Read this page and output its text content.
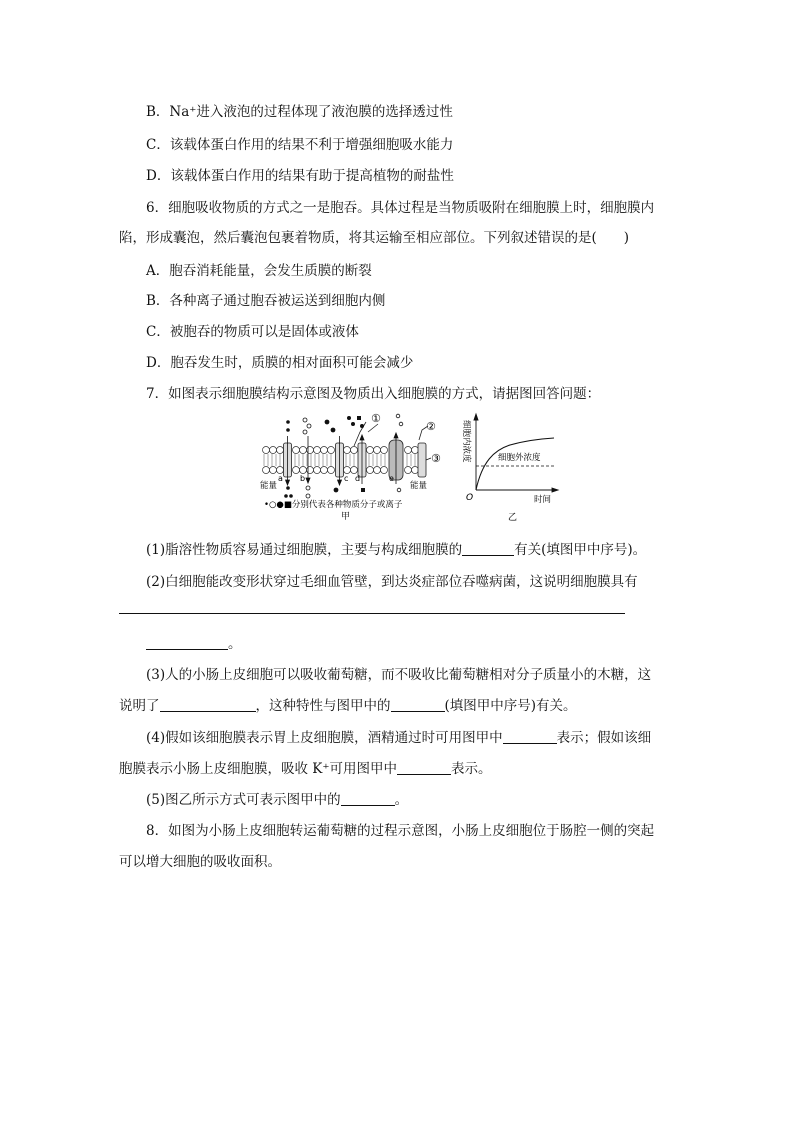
B．Na⁺进入液泡的过程体现了液泡膜的选择透过性
C．该载体蛋白作用的结果不利于增强细胞吸水能力
D．该载体蛋白作用的结果有助于提高植物的耐盐性
6．细胞吸收物质的方式之一是胞吞。具体过程是当物质吸附在细胞膜上时，细胞膜内
陷，形成囊泡，然后囊泡包裹着物质，将其运输至相应部位。下列叙述错误的是(　　)
A．胞吞消耗能量，会发生质膜的断裂
B．各种离子通过胞吞被运送到细胞内侧
C．被胞吞的物质可以是固体或液体
D．胞吞发生时，质膜的相对面积可能会减少
7．如图表示细胞膜结构示意图及物质出入细胞膜的方式，请据图回答问题：
①
②
③
a b	c d	e
能量	能量
•○●■分别代表各种物质分子或离子
甲
细胞内浓度	细胞外浓度
时间
O
乙
(1)脂溶性物质容易通过细胞膜，主要与构成细胞膜的	有关(填图甲中序号)。
(2)白细胞能改变形状穿过毛细血管壁，到达炎症部位吞噬病菌，这说明细胞膜具有
。
(3)人的小肠上皮细胞可以吸收葡萄糖，而不吸收比葡萄糖相对分子质量小的木糖，这
说明了	，这种特性与图甲中的	(填图甲中序号)有关。
(4)假如该细胞膜表示胃上皮细胞膜，酒精通过时可用图甲中	表示；假如该细
胞膜表示小肠上皮细胞膜，吸收 K⁺可用图甲中	表示。
(5)图乙所示方式可表示图甲中的	。
8．如图为小肠上皮细胞转运葡萄糖的过程示意图，小肠上皮细胞位于肠腔一侧的突起
可以增大细胞的吸收面积。
